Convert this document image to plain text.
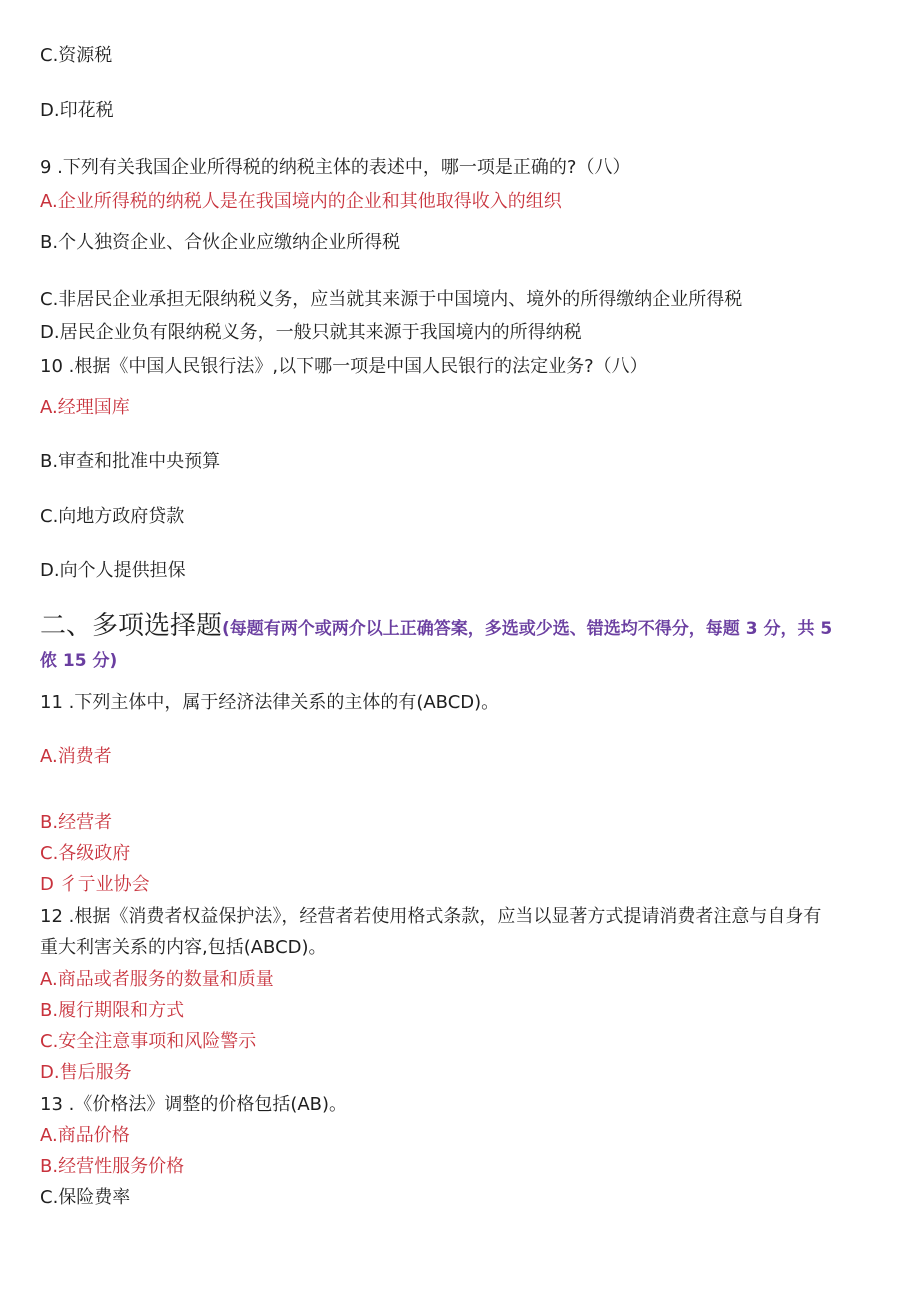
C.资源税
D.印花税
9 .下列有关我国企业所得税的纳税主体的表述中，哪一项是正确的?（八）
A.企业所得税的纳税人是在我国境内的企业和其他取得收入的组织
B.个人独资企业、合伙企业应缴纳企业所得税
C.非居民企业承担无限纳税义务，应当就其来源于中国境内、境外的所得缴纳企业所得税
D.居民企业负有限纳税义务，一般只就其来源于我国境内的所得纳税
10 .根据《中国人民银行法》,以下哪一项是中国人民银行的法定业务?（八）
A.经理国库
B.审查和批准中央预算
C.向地方政府贷款
D.向个人提供担保
二、多项选择题(每题有两个或两介以上正确答案，多选或少选、错选均不得分，每题 3 分，共 5
侬 15 分)
11 .下列主体中，属于经济法律关系的主体的有(ABCD)。
A.消费者
B.经营者
C.各级政府
D 彳亍业协会
12 .根据《消费者权益保护法》，经营者若使用格式条款，应当以显著方式提请消费者注意与自身有
重大利害关系的内容,包括(ABCD)。
A.商品或者服务的数量和质量
B.履行期限和方式
C.安全注意事项和风险警示
D.售后服务
13 .《价格法》调整的价格包括(AB)。
A.商品价格
B.经营性服务价格
C.保险费率
